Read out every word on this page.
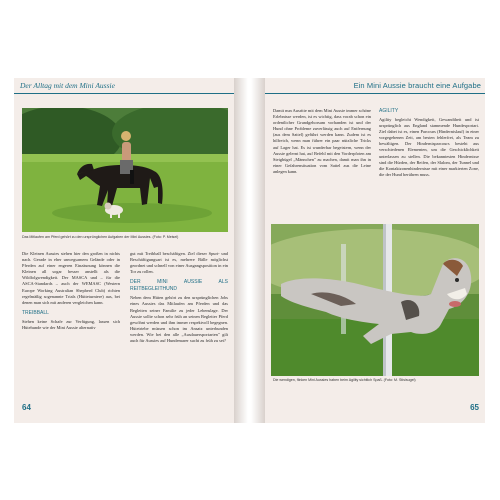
Der Alltag mit dem Mini Aussie
Das Mitlaufen am Pferd gehört zu den ursprünglichen Aufgaben der Mini Aussies. (Foto: P. Meisel)

Die Kleinen Aussies stehen hier den großen in nichts nach. Gerade in eher unwegsamem Gelände oder in Pferden auf einer engeren Einzäunung können die Kleinen all sogar besser anstellt als die Wildfolgwendigkeit. Der MASCA und – für die ASCA-Standards – auch der WEMASC (Western Europe Working Australian Shepherd Club) richten regelmäßig sogenannte Trials (Hütteturniere) aus, bei denen man sich mit anderen vergleichen kann.

TREIBBALL

Stehen keine Schafe zur Verfügung, lassen sich Hütehunde wie der Mini Aussie alternativ

gut mit Treibball beschäftigen. Ziel dieser Spurt- und Beschäftigungsart ist es, mehrere Bälle möglichst geordnet und schnell von einer Ausgangsposition in ein Tor zu rollen.

DER MINI AUSSIE ALS REITBEGLEITHUND

Neben dem Hüten gehört zu den ursprünglichen Jobs eines Aussies das Mitlaufen am Pferden und das Begleiten seiner Familie zu jeder Lebenslage. Der Aussie sollte schon sehr früh an seinen Begleiter Pferd gewöhnt werden und ihm immer respektvoll begegnen. Hütetriebe müssen schon im Ansatz unterbunden werden. Wie bei den alle „Ausdauersportarten" gilt auch für Aussies auf Hundemarer sucht zu früh zu sei?

64
Ein Mini Aussie braucht eine Aufgabe

Damit nun Ausritte mit dem Mini Aussie immer schöne Erlebnisse werden, ist es wichtig, dass vorab schon ein ordentlicher Grundgehorsam vorhanden ist und der Hund ohne Probleme zuverlässig auch auf Entfernung (aus dem Sattel) geführt werden kann. Zudem ist es hilfreich, wenn man führer ein paar nützliche Tricks auf Lager hat. Es ist wunderbar begeistern, wenn der Aussie gelernt hat, auf Befehl mit den Vorderpfoten am Steigbügel „Männchen" zu machen, damit man ihn in einer Gefahrensituation vom Sattel aus die Leine anlegen kann.

AGILITY

Agility begleicht Wendigkeit, Gewandtheit und ist ursprünglich aus England stammende Hundesportart. Ziel dabei ist es, einen Parcours (Hindernislauf) in einer vorgegebenen Zeit, am besten fehlerfrei, als Team zu bewältigen. Der Hindernisparcours besteht aus verschiedenen Elementen, um die Geschicklichkeit unterlassen zu stellen. Die bekanntesten Hindernisse sind die Hürden, der Reifen, der Slalom, der Tunnel und die Kontaktzonenhindernisse mit einer markierten Zone, die der Hund berühren muss.

Die wendigen, flinken Mini Aussies haben beim Agility sichtlich Spaß. (Foto: M. Stisisugel)
65
